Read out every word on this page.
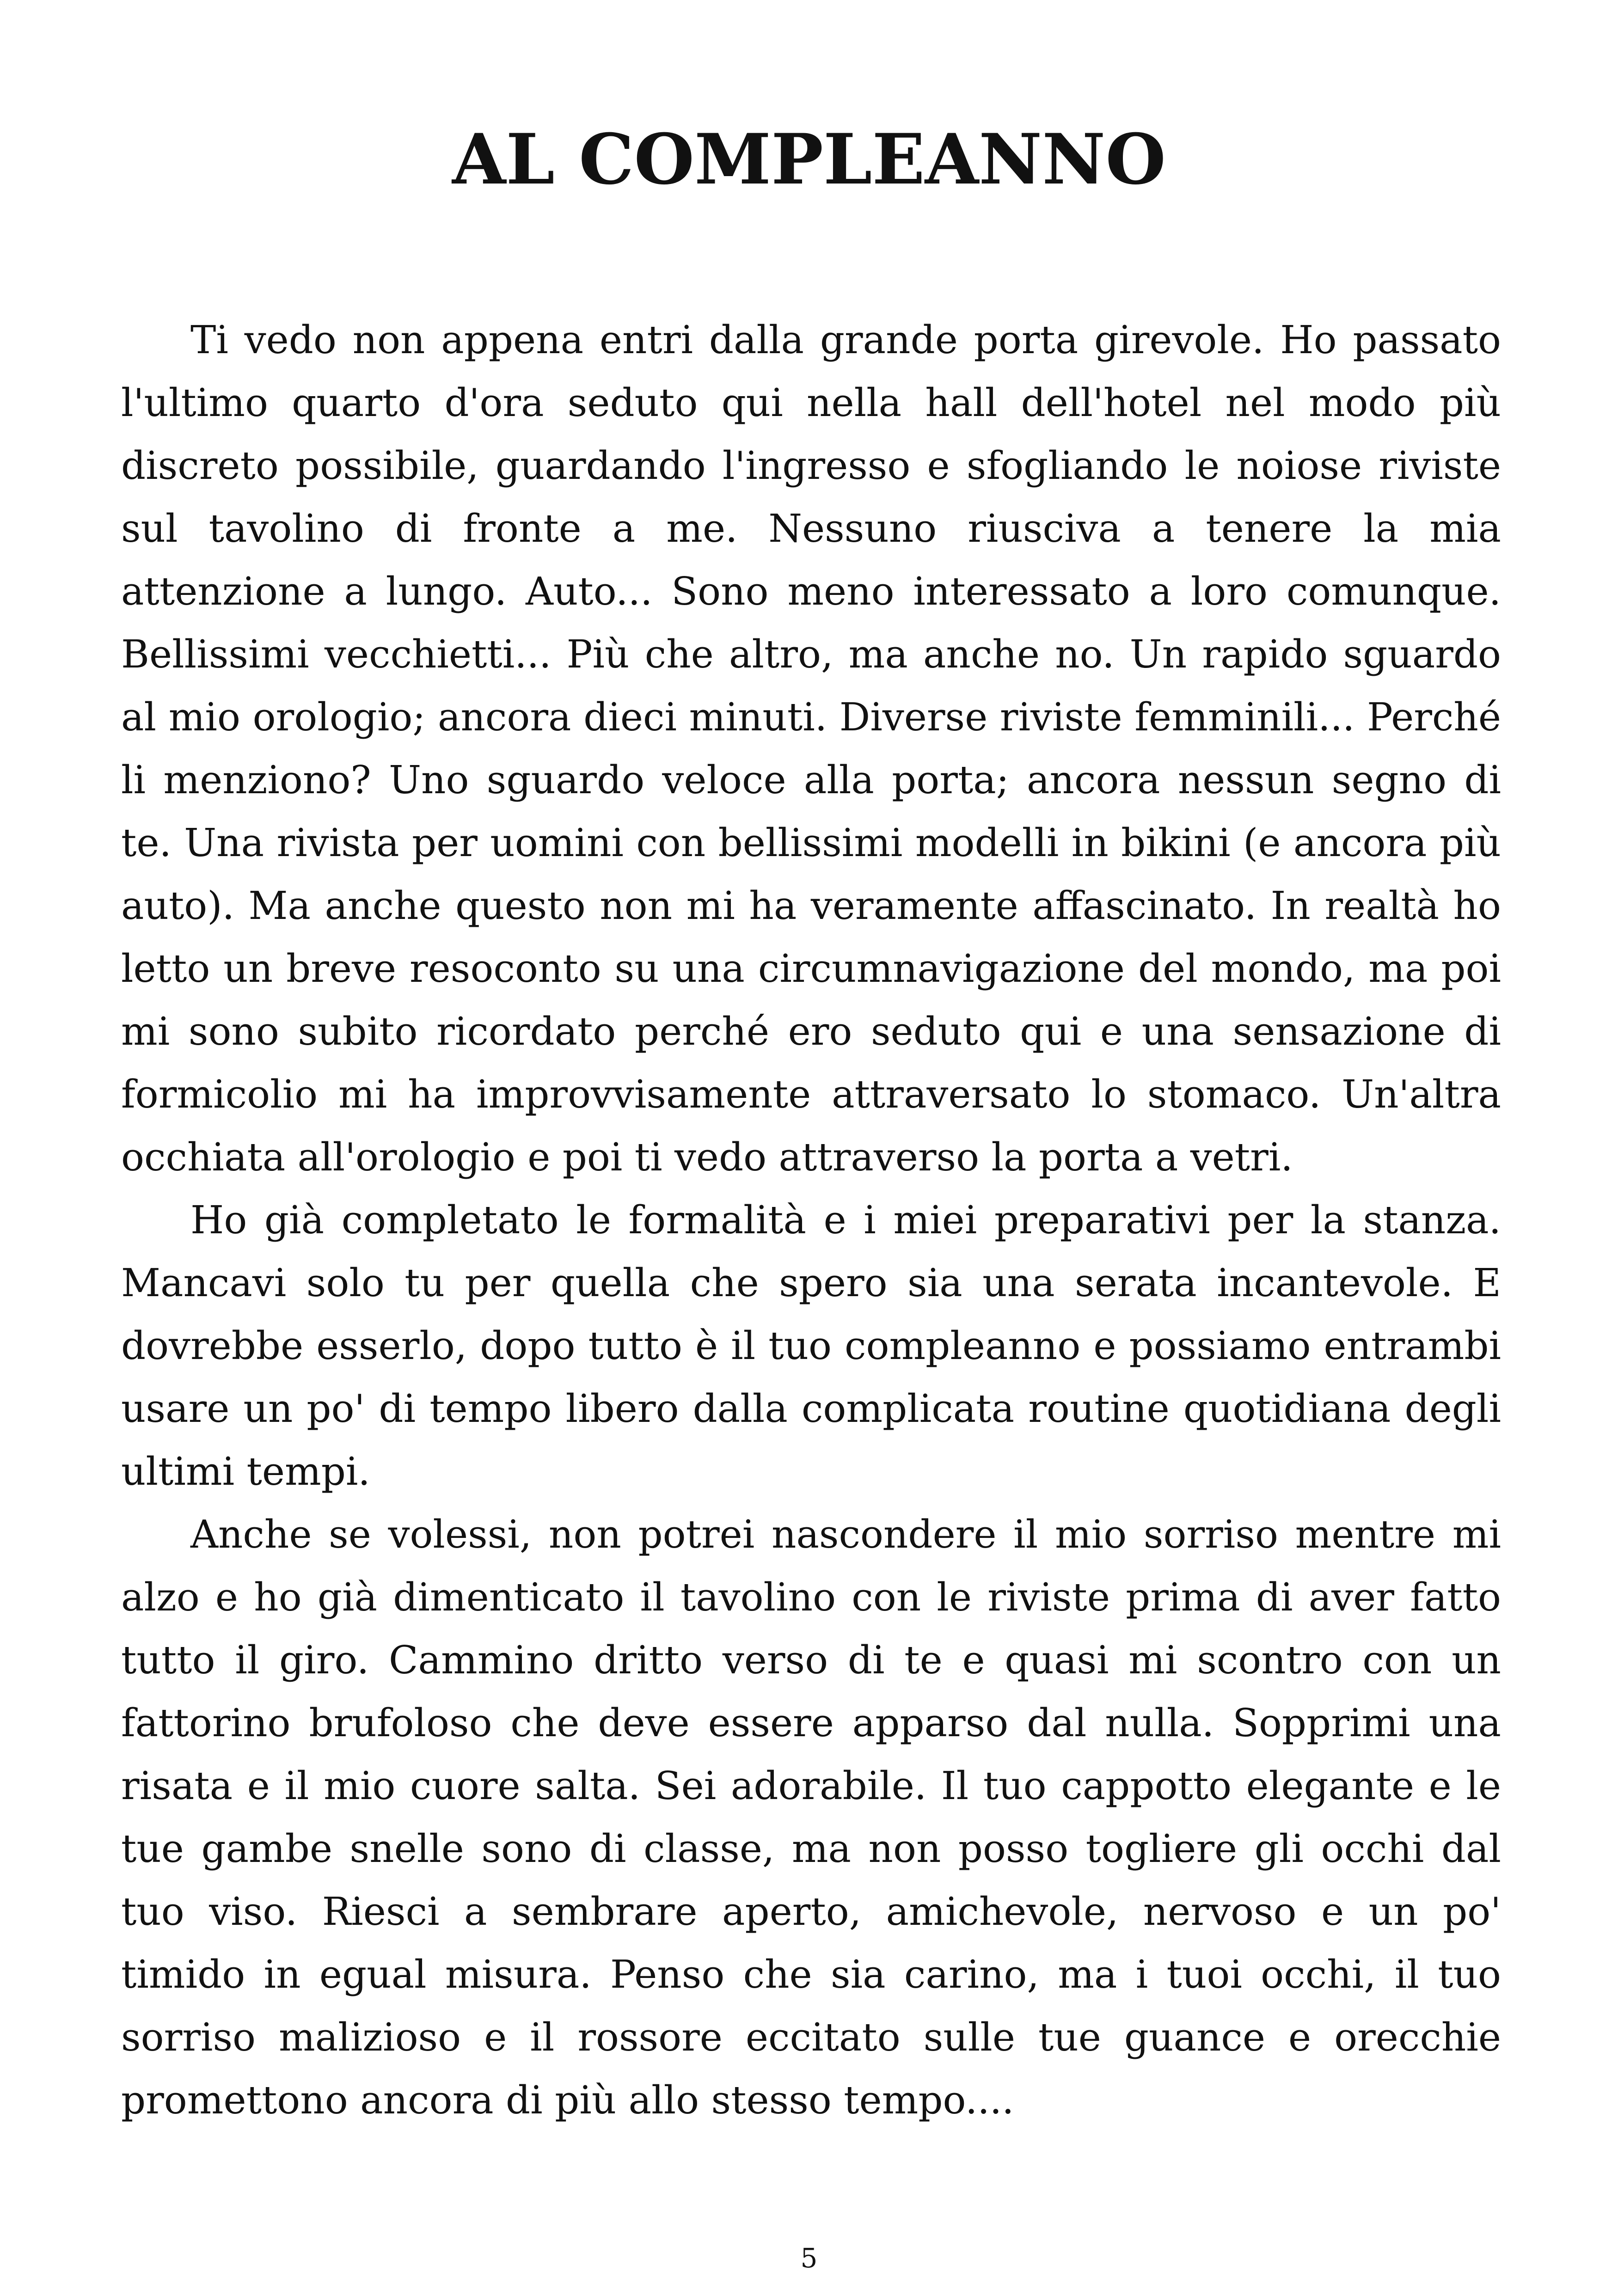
AL COMPLEANNO

Ti vedo non appena entri dalla grande porta girevole. Ho passato l'ultimo quarto d'ora seduto qui nella hall dell'hotel nel modo più discreto possibile, guardando l'ingresso e sfogliando le noiose riviste sul tavolino di fronte a me. Nessuno riusciva a tenere la mia attenzione a lungo. Auto... Sono meno interessato a loro comunque. Bellissimi vecchietti... Più che altro, ma anche no. Un rapido sguardo al mio orologio; ancora dieci minuti. Diverse riviste femminili... Perché li menziono? Uno sguardo veloce alla porta; ancora nessun segno di te. Una rivista per uomini con bellissimi modelli in bikini (e ancora più auto). Ma anche questo non mi ha veramente affascinato. In realtà ho letto un breve resoconto su una circumnavigazione del mondo, ma poi mi sono subito ricordato perché ero seduto qui e una sensazione di formicolio mi ha improvvisamente attraversato lo stomaco. Un'altra occhiata all'orologio e poi ti vedo attraverso la porta a vetri.

Ho già completato le formalità e i miei preparativi per la stanza. Mancavi solo tu per quella che spero sia una serata incantevole. E dovrebbe esserlo, dopo tutto è il tuo compleanno e possiamo entrambi usare un po' di tempo libero dalla complicata routine quotidiana degli ultimi tempi.

Anche se volessi, non potrei nascondere il mio sorriso mentre mi alzo e ho già dimenticato il tavolino con le riviste prima di aver fatto tutto il giro. Cammino dritto verso di te e quasi mi scontro con un fattorino brufoloso che deve essere apparso dal nulla. Sopprimi una risata e il mio cuore salta. Sei adorabile. Il tuo cappotto elegante e le tue gambe snelle sono di classe, ma non posso togliere gli occhi dal tuo viso. Riesci a sembrare aperto, amichevole, nervoso e un po' timido in egual misura. Penso che sia carino, ma i tuoi occhi, il tuo sorriso malizioso e il rossore eccitato sulle tue guance e orecchie promettono ancora di più allo stesso tempo....

5
